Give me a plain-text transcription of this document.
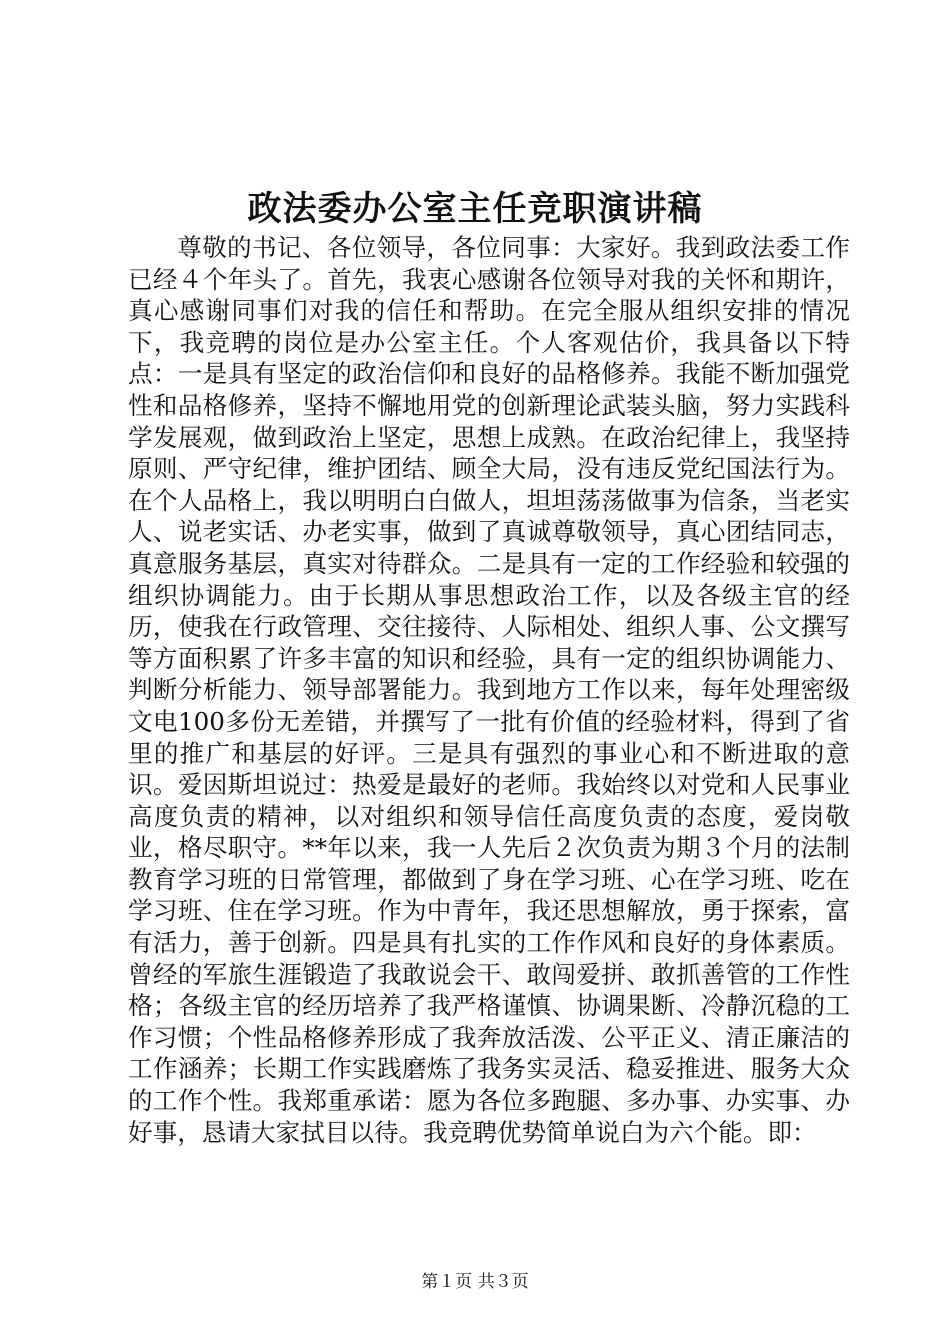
政法委办公室主任竞职演讲稿

尊敬的书记、各位领导，各位同事：大家好。我到政法委工作已经４个年头了。首先，我衷心感谢各位领导对我的关怀和期许，真心感谢同事们对我的信任和帮助。在完全服从组织安排的情况下，我竞聘的岗位是办公室主任。个人客观估价，我具备以下特点：一是具有坚定的政治信仰和良好的品格修养。我能不断加强党性和品格修养，坚持不懈地用党的创新理论武装头脑，努力实践科学发展观，做到政治上坚定，思想上成熟。在政治纪律上，我坚持原则、严守纪律，维护团结、顾全大局，没有违反党纪国法行为。在个人品格上，我以明明白白做人，坦坦荡荡做事为信条，当老实人、说老实话、办老实事，做到了真诚尊敬领导，真心团结同志，真意服务基层，真实对待群众。二是具有一定的工作经验和较强的组织协调能力。由于长期从事思想政治工作，以及各级主官的经历，使我在行政管理、交往接待、人际相处、组织人事、公文撰写等方面积累了许多丰富的知识和经验，具有一定的组织协调能力、判断分析能力、领导部署能力。我到地方工作以来，每年处理密级文电100多份无差错，并撰写了一批有价值的经验材料，得到了省里的推广和基层的好评。三是具有强烈的事业心和不断进取的意识。爱因斯坦说过：热爱是最好的老师。我始终以对党和人民事业高度负责的精神，以对组织和领导信任高度负责的态度，爱岗敬业，格尽职守。**年以来，我一人先后２次负责为期３个月的法制教育学习班的日常管理，都做到了身在学习班、心在学习班、吃在学习班、住在学习班。作为中青年，我还思想解放，勇于探索，富有活力，善于创新。四是具有扎实的工作作风和良好的身体素质。曾经的军旅生涯锻造了我敢说会干、敢闯爱拼、敢抓善管的工作性格；各级主官的经历培养了我严格谨慎、协调果断、冷静沉稳的工作习惯；个性品格修养形成了我奔放活泼、公平正义、清正廉洁的工作涵养；长期工作实践磨炼了我务实灵活、稳妥推进、服务大众的工作个性。我郑重承诺：愿为各位多跑腿、多办事、办实事、办好事，恳请大家拭目以待。我竞聘优势简单说白为六个能。即：

第１页 共３页
